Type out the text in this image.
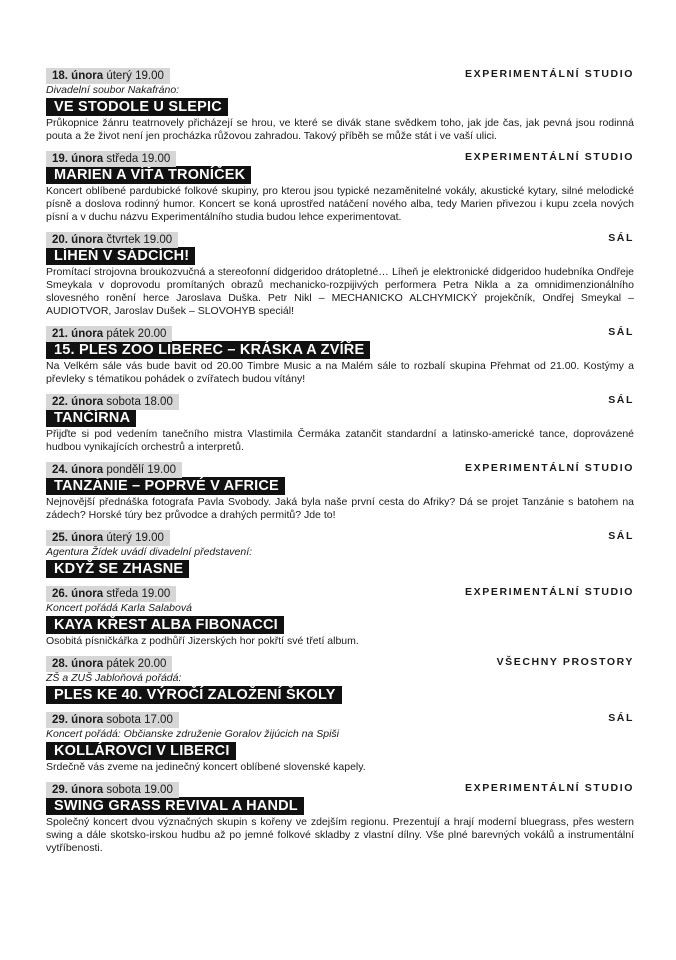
18. února úterý 19.00	EXPERIMENTÁLNÍ STUDIO
Divadelní soubor Nakafráno:
VE STODOLE U SLEPIC
Průkopnice žánru teatrnovely přicházejí se hrou, ve které se divák stane svědkem toho, jak jde čas, jak pevná jsou rodinná pouta a že život není jen procházka růžovou zahradou. Takový příběh se může stát i ve vaší ulici.
19. února středa 19.00	EXPERIMENTÁLNÍ STUDIO
MARIEN A VÍŤA TRONÍČEK
Koncert oblíbené pardubické folkové skupiny, pro kterou jsou typické nezaměnitelné vokály, akustické kytary, silné melodické písně a doslova rodinný humor. Koncert se koná uprostřed natáčení nového alba, tedy Marien přivezou i kupu zcela nových písní a v duchu názvu Experimentálního studia budou lehce experimentovat.
20. února čtvrtek 19.00	SÁL
LÍHEŇ V SÁDCÍCH!
Promítací strojovna broukozvučná a stereofonní didgeridoo drátopletné… Líheň je elektronické didgeridoo hudebníka Ondřeje Smeykala v doprovodu promítaných obrazů mechanicko-rozpijivých performera Petra Nikla a za omnidimenzionálního slovesného ronění herce Jaroslava Duška. Petr Nikl – MECHANICKO ALCHYMICKÝ projekčník, Ondřej Smeykal – AUDIOTVOR, Jaroslav Dušek – SLOVOHYB speciál!
21. února pátek 20.00	SÁL
15. PLES ZOO LIBEREC – KRÁSKA A ZVÍŘE
Na Velkém sále vás bude bavit od 20.00 Timbre Music a na Malém sále to rozbalí skupina Přehmat od 21.00. Kostýmy a převleky s tématikou pohádek o zvířatech budou vítány!
22. února sobota 18.00	SÁL
TANČÍRNA
Přijďte si pod vedením tanečního mistra Vlastimila Čermáka zatančit standardní a latinsko-americké tance, doprovázené hudbou vynikajících orchestrů a interpretů.
24. února pondělí 19.00	EXPERIMENTÁLNÍ STUDIO
TANZÁNIE – POPRVÉ V AFRICE
Nejnovější přednáška fotografa Pavla Svobody. Jaká byla naše první cesta do Afriky? Dá se projet Tanzánie s batohem na zádech? Horské túry bez průvodce a drahých permitů? Jde to!
25. února úterý 19.00	SÁL
Agentura Žídek uvádí divadelní představení:
KDYŽ SE ZHASNE
26. února středa 19.00	EXPERIMENTÁLNÍ STUDIO
Koncert pořádá Karla Salabová
KAYA KŘEST ALBA FIBONACCI
Osobitá písničkářka z podhůří Jizerských hor pokřtí své třetí album.
28. února pátek 20.00	VŠECHNY PROSTORY
ZŠ a ZUŠ Jabloňová pořádá:
PLES KE 40. VÝROČÍ ZALOŽENÍ ŠKOLY
29. února sobota 17.00	SÁL
Koncert pořádá: Občianske združenie Goralov žijúcich na Spiši
KOLLÁROVCI V LIBERCI
Srdečně vás zveme na jedinečný koncert oblíbené slovenské kapely.
29. února sobota 19.00	EXPERIMENTÁLNÍ STUDIO
SWING GRASS REVIVAL A HANDL
Společný koncert dvou význačných skupin s kořeny ve zdejším regionu. Prezentují a hrají moderní bluegrass, přes western swing a dále skotsko-irskou hudbu až po jemné folkové skladby z vlastní dílny. Vše plné barevných vokálů a instrumentální vytříbenosti.
